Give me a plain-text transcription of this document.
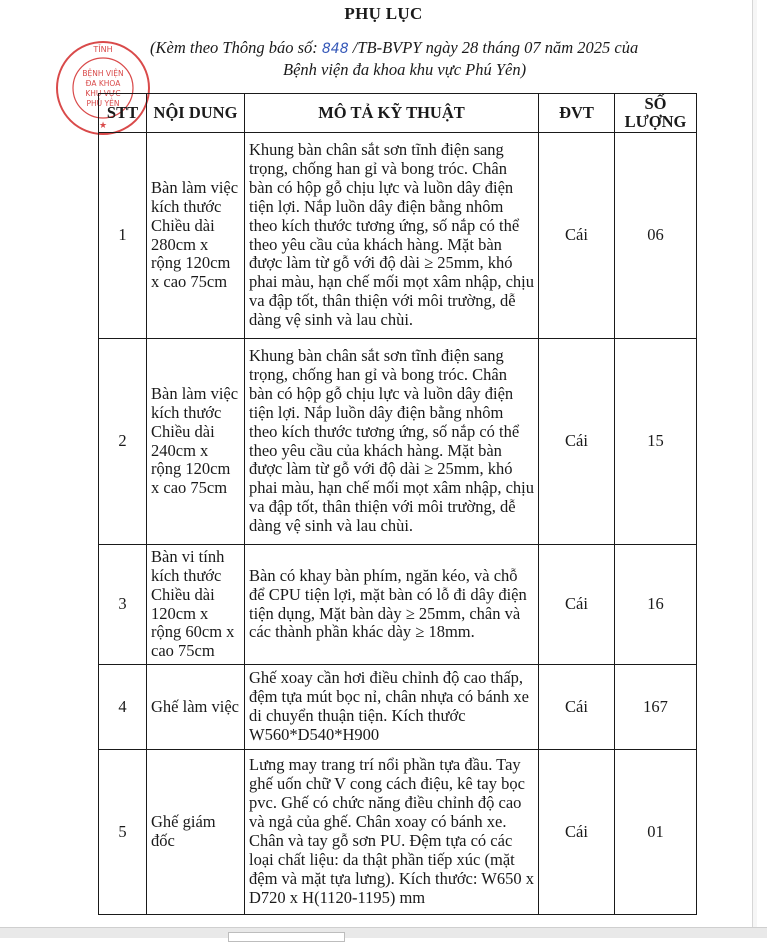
PHỤ LỤC
(Kèm theo Thông báo số: 848 /TB-BVPY ngày 28 tháng 07 năm 2025 của
Bệnh viện đa khoa khu vực Phú Yên)
TỈNH
BỆNH VIỆN
ĐA KHOA
KHU VỰC
PHÚ YÊN
★
STT	NỘI DUNG	MÔ TẢ KỸ THUẬT	ĐVT	SỐ
LƯỢNG
1	Bàn làm việc kích thước Chiều dài 280cm x rộng 120cm x cao 75cm	Khung bàn chân sắt sơn tĩnh điện sang trọng, chống han gỉ và bong tróc. Chân bàn có hộp gỗ chịu lực và luồn dây điện tiện lợi. Nắp luồn dây điện bằng nhôm theo kích thước tương ứng, số nắp có thể theo yêu cầu của khách hàng. Mặt bàn được làm từ gỗ với độ dài ≥ 25mm, khó phai màu, hạn chế mối mọt xâm nhập, chịu va đập tốt, thân thiện với môi trường, dễ dàng vệ sinh và lau chùi.	Cái	06
2	Bàn làm việc kích thước Chiều dài 240cm x rộng 120cm x cao 75cm	Khung bàn chân sắt sơn tĩnh điện sang trọng, chống han gỉ và bong tróc. Chân bàn có hộp gỗ chịu lực và luồn dây điện tiện lợi. Nắp luồn dây điện bằng nhôm theo kích thước tương ứng, số nắp có thể theo yêu cầu của khách hàng. Mặt bàn được làm từ gỗ với độ dài ≥ 25mm, khó phai màu, hạn chế mối mọt xâm nhập, chịu va đập tốt, thân thiện với môi trường, dễ dàng vệ sinh và lau chùi.	Cái	15
3	Bàn vi tính kích thước Chiều dài 120cm x rộng 60cm x cao 75cm	Bàn có khay bàn phím, ngăn kéo, và chỗ để CPU tiện lợi, mặt bàn có lỗ đi dây điện tiện dụng, Mặt bàn dày ≥ 25mm, chân và các thành phần khác dày ≥ 18mm.	Cái	16
4	Ghế làm việc	Ghế xoay cần hơi điều chỉnh độ cao thấp, đệm tựa mút bọc nỉ, chân nhựa có bánh xe di chuyển thuận tiện. Kích thước W560*D540*H900	Cái	167
5	Ghế giám đốc	Lưng may trang trí nổi phần tựa đầu. Tay ghế uốn chữ V cong cách điệu, kê tay bọc pvc. Ghế có chức năng điều chỉnh độ cao và ngả của ghế. Chân xoay có bánh xe. Chân và tay gỗ sơn PU. Đệm tựa có các loại chất liệu: da thật phần tiếp xúc (mặt đệm và mặt tựa lưng). Kích thước: W650 x D720 x H(1120-1195) mm	Cái	01
